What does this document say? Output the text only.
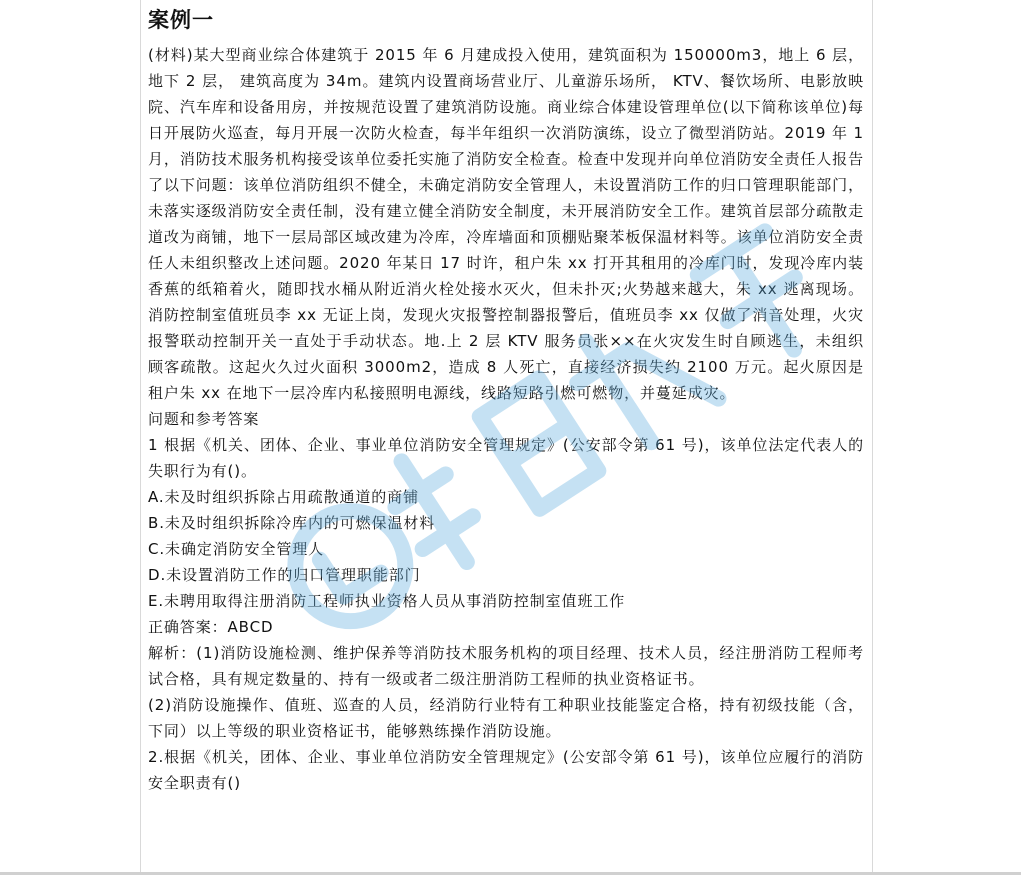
案例一

(材料)某大型商业综合体建筑于 2015 年 6 月建成投入使用，建筑面积为 150000m3，地上 6 层， 地下 2 层， 建筑高度为 34m。建筑内设置商场营业厅、儿童游乐场所， KTV、餐饮场所、电影放映院、汽车库和设备用房，并按规范设置了建筑消防设施。商业综合体建设管理单位(以下简称该单位)每日开展防火巡查，每月开展一次防火检查，每半年组织一次消防演练，设立了微型消防站。2019 年 1 月，消防技术服务机构接受该单位委托实施了消防安全检查。检查中发现并向单位消防安全责任人报告了以下问题：该单位消防组织不健全，未确定消防安全管理人，未设置消防工作的归口管理职能部门，未落实逐级消防安全责任制，没有建立健全消防安全制度，未开展消防安全工作。建筑首层部分疏散走道改为商铺，地下一层局部区域改建为冷库，冷库墙面和顶棚贴聚苯板保温材料等。该单位消防安全责任人未组织整改上述问题。2020 年某日 17 时许，租户朱 xx 打开其租用的冷库门时，发现冷库内装香蕉的纸箱着火，随即找水桶从附近消火栓处接水灭火，但未扑灭;火势越来越大，朱 xx 逃离现场。消防控制室值班员李 xx 无证上岗，发现火灾报警控制器报警后，值班员李 xx 仅做了消音处理，火灾报警联动控制开关一直处于手动状态。地.上 2 层 KTV 服务员张××在火灾发生时自顾逃生，未组织顾客疏散。这起火久过火面积 3000m2，造成 8 人死亡，直接经济损失约 2100 万元。起火原因是租户朱 xx 在地下一层冷库内私接照明电源线，线路短路引燃可燃物，并蔓延成灾。

问题和参考答案

1 根据《机关、团体、企业、事业单位消防安全管理规定》(公安部令第 61 号)，该单位法定代表人的失职行为有()。

A.未及时组织拆除占用疏散通道的商铺

B.未及时组织拆除冷库内的可燃保温材料

C.未确定消防安全管理人

D.未设置消防工作的归口管理职能部门

E.未聘用取得注册消防工程师执业资格人员从事消防控制室值班工作

正确答案：ABCD

解析：(1)消防设施检测、维护保养等消防技术服务机构的项目经理、技术人员，经注册消防工程师考试合格，具有规定数量的、持有一级或者二级注册消防工程师的执业资格证书。

(2)消防设施操作、值班、巡查的人员，经消防行业特有工种职业技能鉴定合格，持有初级技能（含，下同）以上等级的职业资格证书，能够熟练操作消防设施。

2.根据《机关，团体、企业、事业单位消防安全管理规定》(公安部令第 61 号)，该单位应履行的消防安全职责有()
